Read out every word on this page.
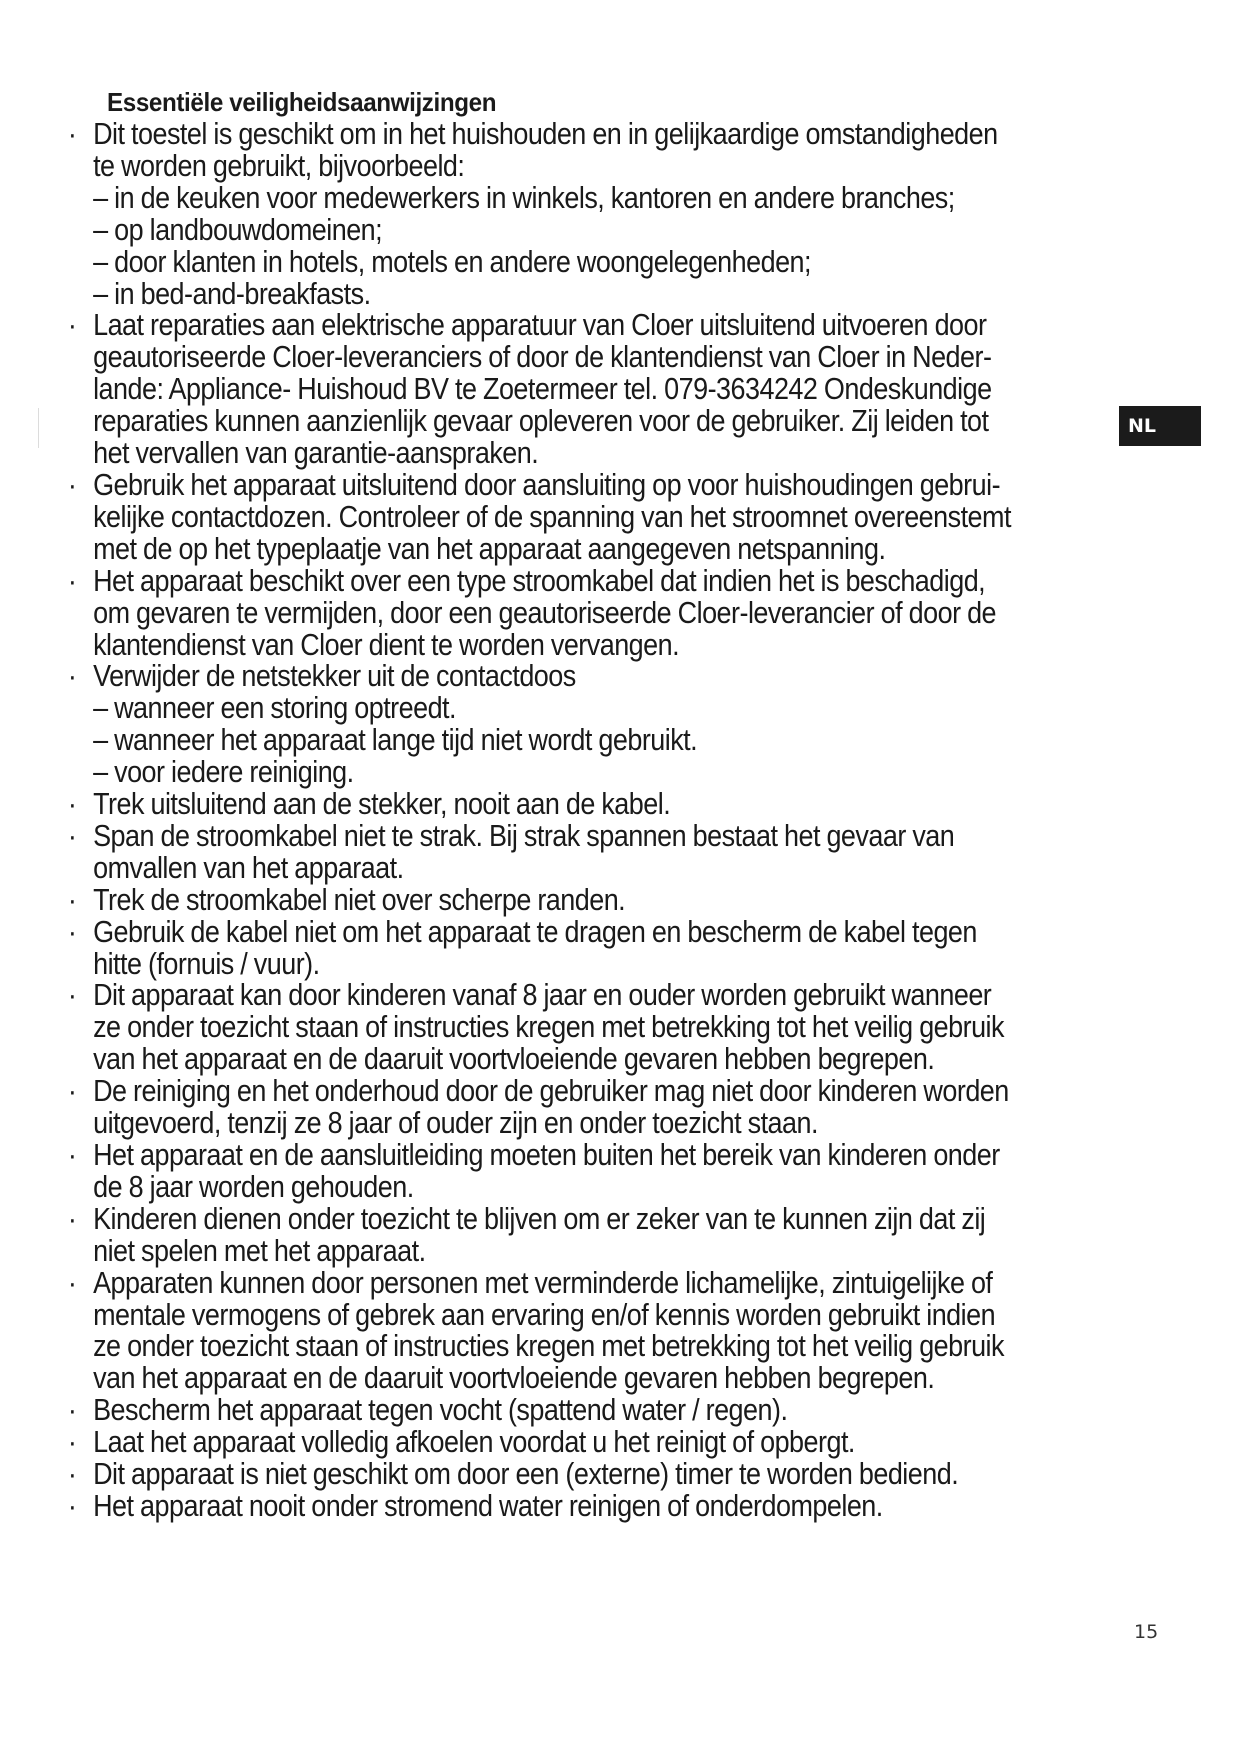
Essentiële veiligheidsaanwijzingen
· Dit toestel is geschikt om in het huishouden en in gelijkaardige omstandigheden
te worden gebruikt, bijvoorbeeld:
– in de keuken voor medewerkers in winkels, kantoren en andere branches;
– op landbouwdomeinen;
– door klanten in hotels, motels en andere woongelegenheden;
– in bed-and-breakfasts.
· Laat reparaties aan elektrische apparatuur van Cloer uitsluitend uitvoeren door
geautoriseerde Cloer-leveranciers of door de klantendienst van Cloer in Neder-
lande: Appliance- Huishoud BV te Zoetermeer tel. 079-3634242 Ondeskundige
reparaties kunnen aanzienlijk gevaar opleveren voor de gebruiker. Zij leiden tot
het vervallen van garantie-aanspraken.
· Gebruik het apparaat uitsluitend door aansluiting op voor huishoudingen gebrui-
kelijke contactdozen. Controleer of de spanning van het stroomnet overeenstemt
met de op het typeplaatje van het apparaat aangegeven netspanning.
· Het apparaat beschikt over een type stroomkabel dat indien het is beschadigd,
om gevaren te vermijden, door een geautoriseerde Cloer-leverancier of door de
klantendienst van Cloer dient te worden vervangen.
· Verwijder de netstekker uit de contactdoos
– wanneer een storing optreedt.
– wanneer het apparaat lange tijd niet wordt gebruikt.
– voor iedere reiniging.
· Trek uitsluitend aan de stekker, nooit aan de kabel.
· Span de stroomkabel niet te strak. Bij strak spannen bestaat het gevaar van
omvallen van het apparaat.
· Trek de stroomkabel niet over scherpe randen.
· Gebruik de kabel niet om het apparaat te dragen en bescherm de kabel tegen
hitte (fornuis / vuur).
· Dit apparaat kan door kinderen vanaf 8 jaar en ouder worden gebruikt wanneer
ze onder toezicht staan of instructies kregen met betrekking tot het veilig gebruik
van het apparaat en de daaruit voortvloeiende gevaren hebben begrepen.
· De reiniging en het onderhoud door de gebruiker mag niet door kinderen worden
uitgevoerd, tenzij ze 8 jaar of ouder zijn en onder toezicht staan.
· Het apparaat en de aansluitleiding moeten buiten het bereik van kinderen onder
de 8 jaar worden gehouden.
· Kinderen dienen onder toezicht te blijven om er zeker van te kunnen zijn dat zij
niet spelen met het apparaat.
· Apparaten kunnen door personen met verminderde lichamelijke, zintuigelijke of
mentale vermogens of gebrek aan ervaring en/of kennis worden gebruikt indien
ze onder toezicht staan of instructies kregen met betrekking tot het veilig gebruik
van het apparaat en de daaruit voortvloeiende gevaren hebben begrepen.
· Bescherm het apparaat tegen vocht (spattend water / regen).
· Laat het apparaat volledig afkoelen voordat u het reinigt of opbergt.
· Dit apparaat is niet geschikt om door een (externe) timer te worden bediend.
· Het apparaat nooit onder stromend water reinigen of onderdompelen.
NL
15
